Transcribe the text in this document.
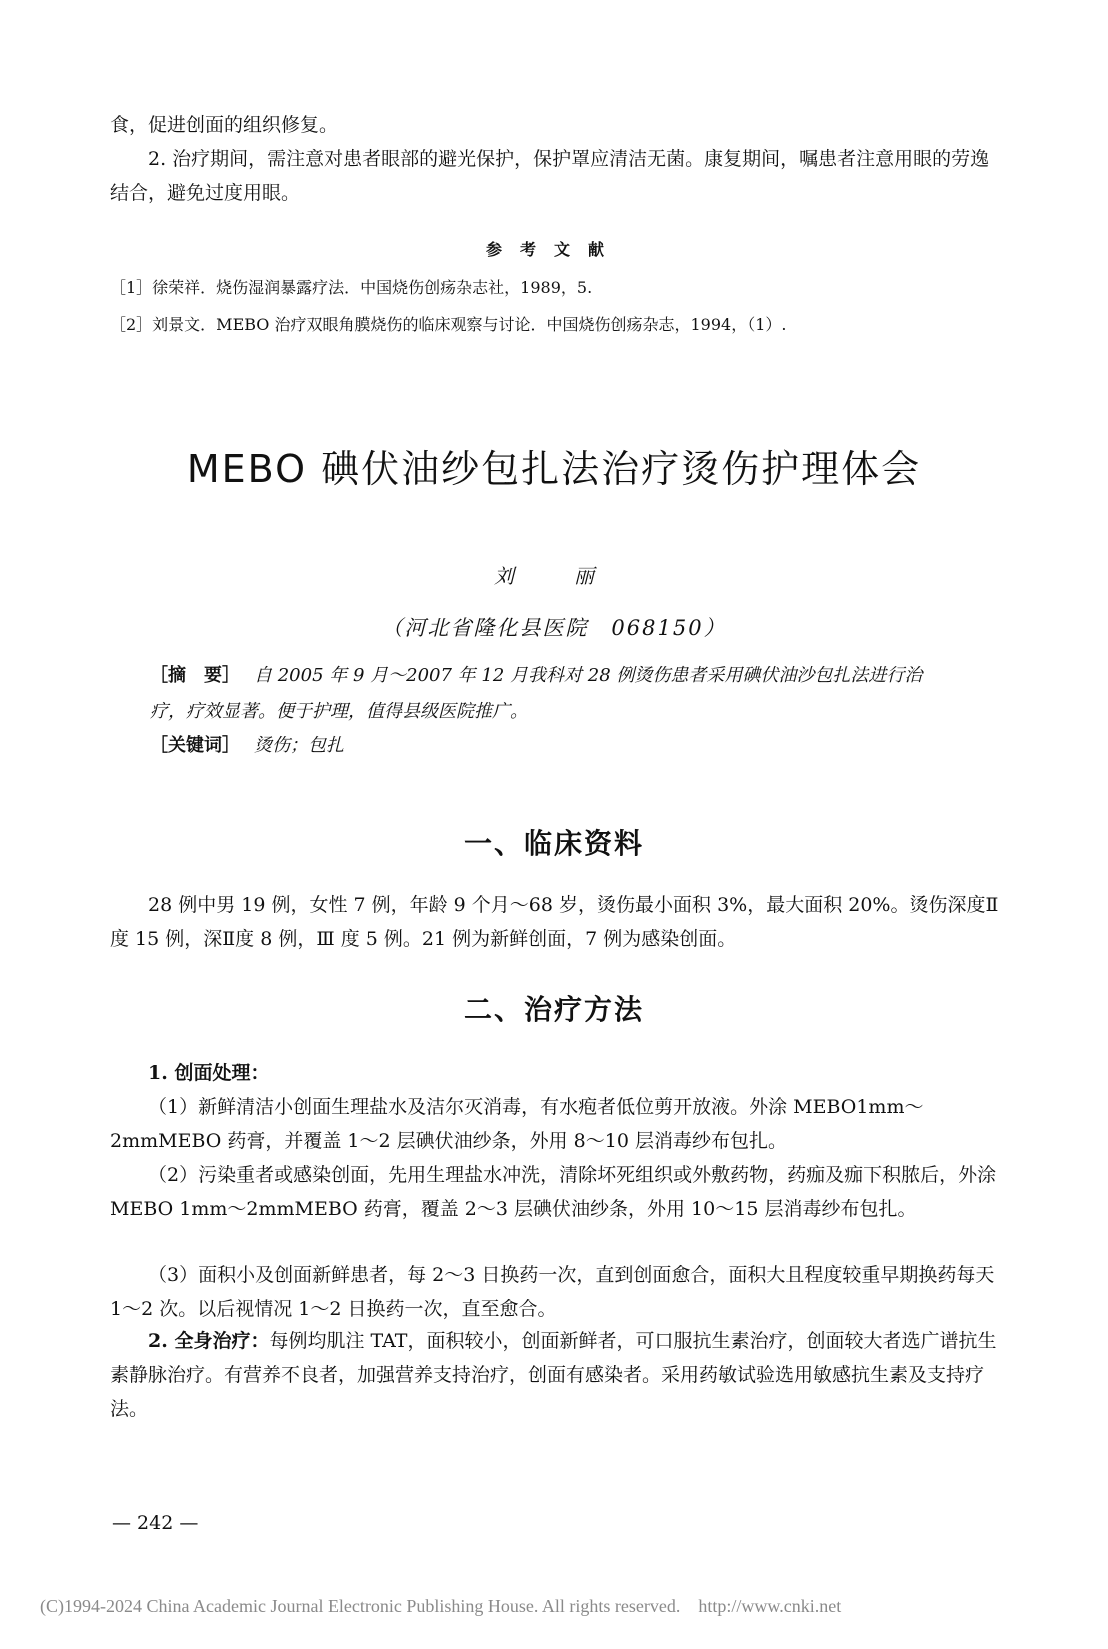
食，促进创面的组织修复。

2. 治疗期间，需注意对患者眼部的避光保护，保护罩应清洁无菌。康复期间，嘱患者注意用眼的劳逸结合，避免过度用眼。

参考文献
［1］徐荣祥．烧伤湿润暴露疗法．中国烧伤创疡杂志社，1989，5.
［2］刘景文．MEBO 治疗双眼角膜烧伤的临床观察与讨论．中国烧伤创疡杂志，1994，（1）.
MEBO 碘伏油纱包扎法治疗烫伤护理体会
刘　丽
（河北省隆化县医院　068150）
［摘　要］ 自 2005 年 9 月～2007 年 12 月我科对 28 例烫伤患者采用碘伏油沙包扎法进行治疗，疗效显著。便于护理，值得县级医院推广。
［关键词］ 烫伤；包扎
一、临床资料

28 例中男 19 例，女性 7 例，年龄 9 个月～68 岁，烫伤最小面积 3%，最大面积 20%。烫伤深度Ⅱ度 15 例，深Ⅱ度 8 例，Ⅲ 度 5 例。21 例为新鲜创面，7 例为感染创面。

二、治疗方法

1. 创面处理：

（1）新鲜清洁小创面生理盐水及洁尔灭消毒，有水疱者低位剪开放液。外涂 MEBO1mm～2mmMEBO 药膏，并覆盖 1～2 层碘伏油纱条，外用 8～10 层消毒纱布包扎。

（2）污染重者或感染创面，先用生理盐水冲洗，清除坏死组织或外敷药物，药痂及痂下积脓后，外涂 MEBO 1mm～2mmMEBO 药膏，覆盖 2～3 层碘伏油纱条，外用 10～15 层消毒纱布包扎。

（3）面积小及创面新鲜患者，每 2～3 日换药一次，直到创面愈合，面积大且程度较重早期换药每天 1～2 次。以后视情况 1～2 日换药一次，直至愈合。

2. 全身治疗：每例均肌注 TAT，面积较小，创面新鲜者，可口服抗生素治疗，创面较大者选广谱抗生素静脉治疗。有营养不良者，加强营养支持治疗，创面有感染者。采用药敏试验选用敏感抗生素及支持疗法。

— 242 —
(C)1994-2024 China Academic Journal Electronic Publishing House. All rights reserved.　http://www.cnki.net
